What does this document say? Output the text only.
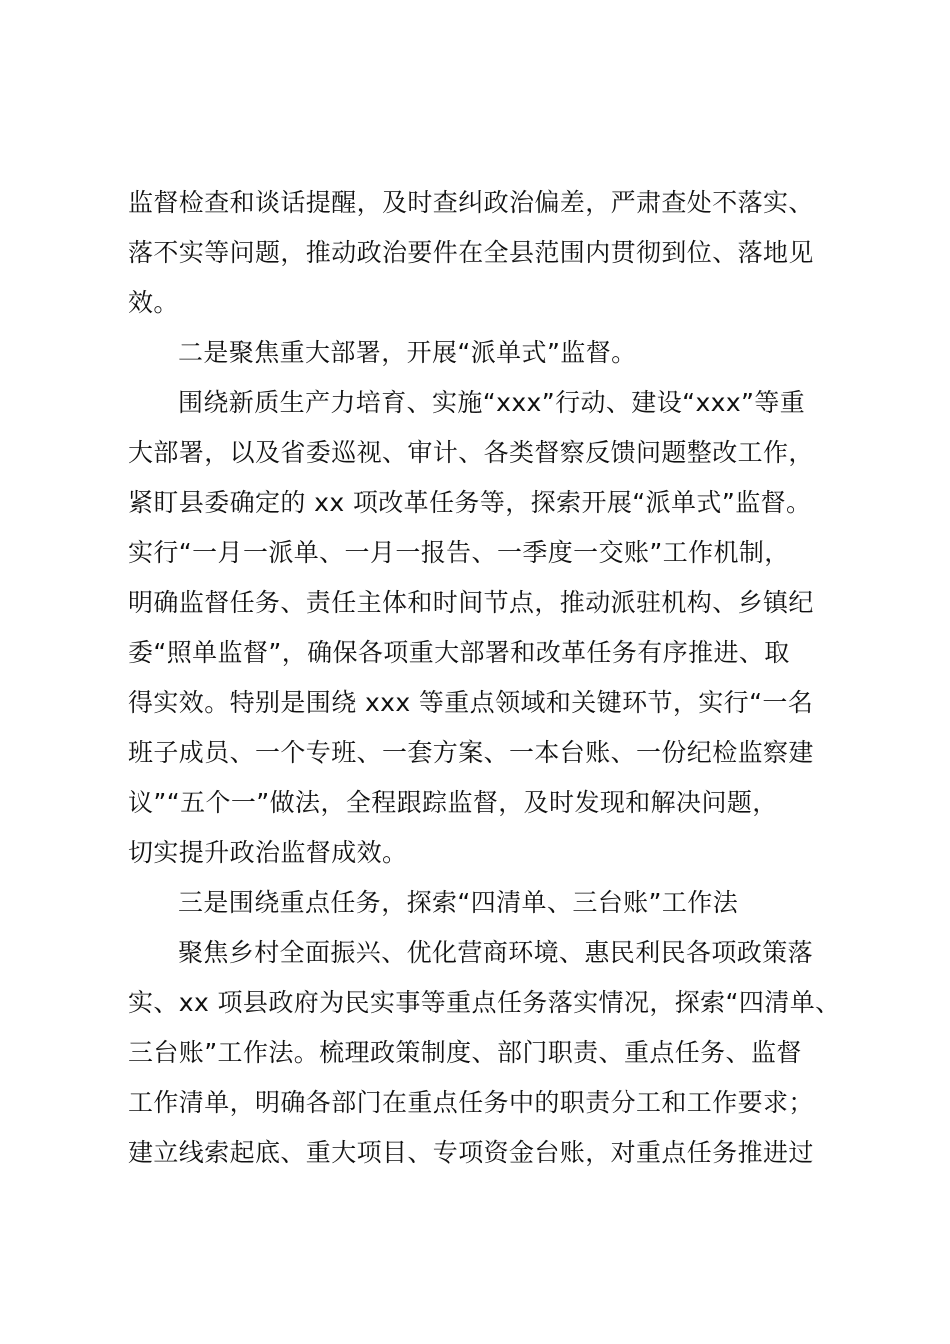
监督检查和谈话提醒，及时查纠政治偏差，严肃查处不落实、
落不实等问题，推动政治要件在全县范围内贯彻到位、落地见
效。
二是聚焦重大部署，开展“派单式”监督。
围绕新质生产力培育、实施“xxx”行动、建设“xxx”等重
大部署，以及省委巡视、审计、各类督察反馈问题整改工作，
紧盯县委确定的 xx 项改革任务等，探索开展“派单式”监督。
实行“一月一派单、一月一报告、一季度一交账”工作机制，
明确监督任务、责任主体和时间节点，推动派驻机构、乡镇纪
委“照单监督”，确保各项重大部署和改革任务有序推进、取
得实效。特别是围绕 xxx 等重点领域和关键环节，实行“一名
班子成员、一个专班、一套方案、一本台账、一份纪检监察建
议”“五个一”做法，全程跟踪监督，及时发现和解决问题，
切实提升政治监督成效。
三是围绕重点任务，探索“四清单、三台账”工作法
聚焦乡村全面振兴、优化营商环境、惠民利民各项政策落
实、xx 项县政府为民实事等重点任务落实情况，探索“四清单、
三台账”工作法。梳理政策制度、部门职责、重点任务、监督
工作清单，明确各部门在重点任务中的职责分工和工作要求；
建立线索起底、重大项目、专项资金台账，对重点任务推进过
